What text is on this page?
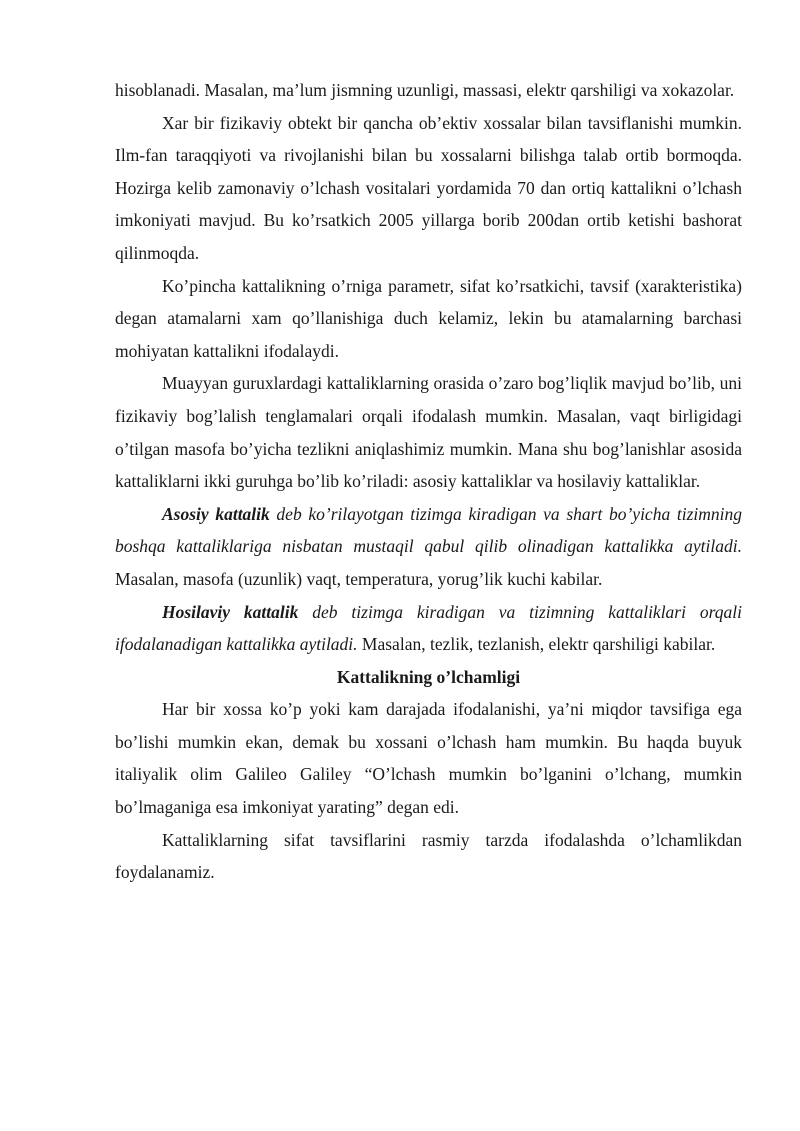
hisoblanadi. Masalan, ma’lum jismning uzunligi, massasi, elektr qarshiligi va xokazolar.

Xar bir fizikaviy obtekt bir qancha ob’ektiv xossalar bilan tavsiflanishi mumkin. Ilm-fan taraqqiyoti va rivojlanishi bilan bu xossalarni bilishga talab ortib bormoqda. Hozirga kelib zamonaviy o’lchash vositalari yordamida 70 dan ortiq kattalikni o’lchash imkoniyati mavjud. Bu ko’rsatkich 2005 yillarga borib 200dan ortib ketishi bashorat qilinmoqda.

Ko’pincha kattalikning o’rniga parametr, sifat ko’rsatkichi, tavsif (xarakteristika) degan atamalarni xam qo’llanishiga duch kelamiz, lekin bu atamalarning barchasi mohiyatan kattalikni ifodalaydi.

Muayyan guruxlardagi kattaliklarning orasida o’zaro bog’liqlik mavjud bo’lib, uni fizikaviy bog’lalish tenglamalari orqali ifodalash mumkin. Masalan, vaqt birligidagi o’tilgan masofa bo’yicha tezlikni aniqlashimiz mumkin. Mana shu bog’lanishlar asosida kattaliklarni ikki guruhga bo’lib ko’riladi: asosiy kattaliklar va hosilaviy kattaliklar.

Asosiy kattalik deb ko’rilayotgan tizimga kiradigan va shart bo’yicha tizimning boshqa kattaliklariga nisbatan mustaqil qabul qilib olinadigan kattalikka aytiladi. Masalan, masofa (uzunlik) vaqt, temperatura, yorug’lik kuchi kabilar.

Hosilaviy kattalik deb tizimga kiradigan va tizimning kattaliklari orqali ifodalanadigan kattalikka aytiladi. Masalan, tezlik, tezlanish, elektr qarshiligi kabilar.

Kattalikning o’lchamligi

Har bir xossa ko’p yoki kam darajada ifodalanishi, ya’ni miqdor tavsifiga ega bo’lishi mumkin ekan, demak bu xossani o’lchash ham mumkin. Bu haqda buyuk italiyalik olim Galileo Galiley “O’lchash mumkin bo’lganini o’lchang, mumkin bo’lmaganiga esa imkoniyat yarating” degan edi.

Kattaliklarning sifat tavsiflarini rasmiy tarzda ifodalashda o’lchamlikdan foydalanamiz.
